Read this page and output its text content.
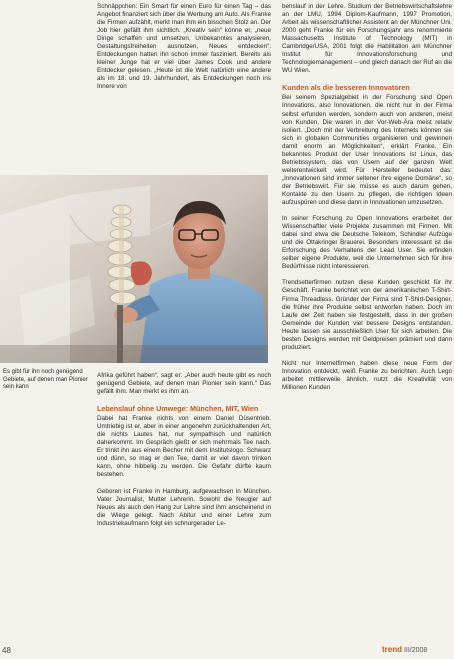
Es gibt für ihn noch genügend Gebiete, auf denen man Pionier sein kann

Schnäppchen: Ein Smart für einen Euro für einen Tag – das Angebot finanziert sich über die Werbung am Auto. Als Franke die Firmen aufzählt, merkt man ihm ein bisschen Stolz an. Der Job hier gefällt ihm sichtlich. „Kreativ sein“ könne er, „neue Dinge schaffen und umsetzen, Unbekanntes analysieren, Gestaltungsfreiheiten ausnutzen, Neues entdecken“. Entdeckungen hatten ihn schon immer fasziniert. Bereits als kleiner Junge hat er viel über James Cook und andere Entdecker gelesen. „Heute ist die Welt natürlich eine andere als im 18. und 19. Jahrhundert, als Entdeckungen noch ins Innere von

Afrika geführt haben“, sagt er. „Aber auch heute gibt es noch genügend Gebiete, auf denen man Pionier sein kann.“ Das gefällt ihm. Man merkt es ihm an.

Lebenslauf ohne Umwege: München, MIT, Wien

Dabei hat Franke nichts von einem Daniel Düsentrieb. Umtriebig ist er, aber in einer angenehm zurückhaltenden Art, die nichts Lautes hat, nur sympathisch und natürlich daherkommt. Im Gespräch gießt er sich mehrmals Tee nach. Er trinkt ihn aus einem Becher mit dem Institutslogo. Schwarz und dünn, so mag er den Tee, damit er viel davon trinken kann, ohne hibbelig zu werden. Die Gefahr dürfte kaum bestehen.

Geboren ist Franke in Hamburg, aufgewachsen in München. Vater Journalist, Mutter Lehrerin. Sowohl die Neugier auf Neues als auch den Hang zur Lehre sind ihm anscheinend in die Wiege gelegt. Nach Abitur und einer Lehre zum Industriekaufmann folgt ein schnurgerader Le-

benslauf in der Lehre. Studium der Betriebswirtschaftslehre an der LMU, 1994 Diplom-Kaufmann, 1997 Promotion, Arbeit als wissenschaftlicher Assistent an der Münchner Uni. 2000 geht Franke für ein Forschungsjahr ans renommierte Massachusetts Institute of Technology (MIT) in Cambridge/USA, 2001 folgt die Habilitation am Münchner Institut für Innovationsforschung und Technologiemanagement – und gleich danach der Ruf an die WU Wien.

Kunden als die besseren Innovatoren

Bei seinem Spezialgebiet in der Forschung sind Open Innovations, also Innovationen, die nicht nur in der Firma selbst erfunden werden, sondern auch von anderen, meist von Kunden. Die waren in der Vor-Web-Ära meist relativ isoliert. „Doch mit der Verbreitung des Internets können sie sich in globalen Communities organisieren und gewinnen damit enorm an Möglichkeiten“, erklärt Franke. Ein bekanntes Produkt der User Innovations ist Linux, das Betriebssystem, das von Usern auf der ganzen Welt weiterentwickelt wird. Für Hersteller bedeutet das: „Innovationen sind immer seltener ihre eigene Domäne“, so der Betriebswirt. Für sie müsse es auch darum gehen, Kontakte zu den Usern zu pflegen, die richtigen Ideen aufzuspüren und diese dann in Innovationen umzusetzen.

In seiner Forschung zu Open Innovations erarbeitet der Wissenschaftler viele Projekte zusammen mit Firmen. Mit dabei sind etwa die Deutsche Telekom, Schindler Aufzüge und die Ottakringer Brauerei. Besonders interessant ist die Erforschung des Verhaltens der Lead User. Sie erfinden selber eigene Produkte, weil die Unternehmen sich für ihre Bedürfnisse nicht interessieren.

Trendsetterfirmen nutzen diese Kunden geschickt für ihr Geschäft. Franke berichtet von der amerikanischen T-Shirt-Firma Threadless. Gründer der Firma sind T-Shirt-Designer, die früher ihre Produkte selbst entworfen haben. Doch im Laufe der Zeit haben sie festgestellt, dass in der großen Gemeinde der Kunden viel bessere Designs entstanden. Heute lassen sie ausschließlich User für sich arbeiten. Die besten Designs werden mit Geldpreisen prämiert und dann produziert.

Nicht nur Internetfirmen haben diese neue Form der Innovation entdeckt, weiß Franke zu berichten. Auch Lego arbeitet mittlerweile ähnlich, nutzt die Kreativität von Millionen Kunden

48	trend III/2008
